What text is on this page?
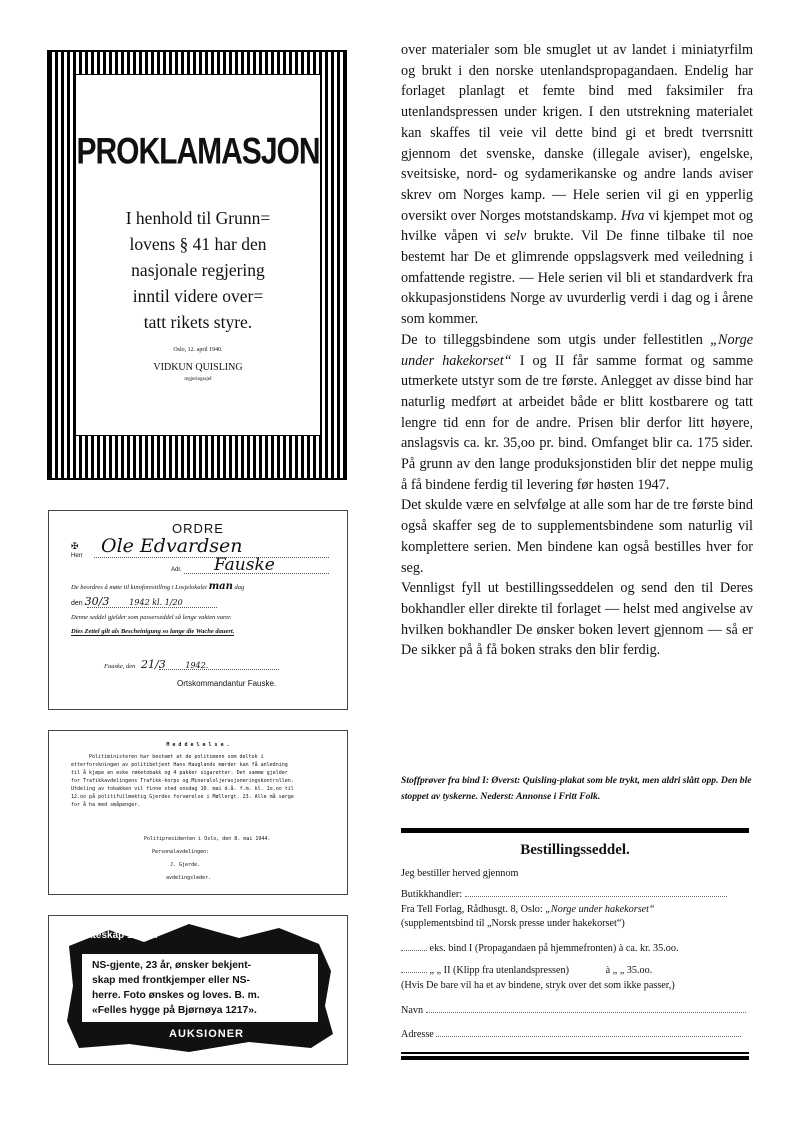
PROKLAMASJON
I henhold til Grunn=
lovens § 41 har den
nasjonale regjering
inntil videre over=
tatt rikets styre.
Oslo, 12. april 1940.
VIDKUN QUISLING
regjeringssjef
ORDRE
✠
Herr Ole Edvardsen
Adr. Fauske
De beordres å møte til kinoforestilling i Losjelokalet man dag
den 30/3 1942 kl. 1/20
Denne seddel gjelder som passerseddel så lenge vakten varer.
Dies Zettel gilt als Bescheinigung so lange die Wache dauert.
Fauske, den 21/3 1942.
Ortskommandantur Fauske.
M e d d e l e l s e .
Politiministeren har bestemt at de politimenn som deltok i
etterforskningen av politibetjent Hans Hauglands mørder kan få anledning
til å kjøpe en eske røketobakk og 4 pakker sigaretter. Det samme gjelder
for Trafikkavdelingens Trafikk-korps og Mineraloljerasjoneringskontrollen.
Utdeling av tobakken vil finne sted onsdag 10. mai d.å. f.m. kl. 1o,oo til
12.oo på politifullmektig Gjerdes forværelse i Møllergt. 23. Alle må sørge
for å ha med småpenger.
Politipresidenten i Oslo, den 8. mai 1944.
Personalavdelingen:
J. Gjerde.
avdelingsleder.
kteskap 1216».
NS-gjente, 23 år, ønsker bekjent-
skap med frontkjemper eller NS-
herre. Foto ønskes og loves. B. m.
«Felles hygge på Bjørnøya 1217».
AUKSIONER

over materialer som ble smuglet ut av landet i miniatyrfilm og brukt i den norske utenlandspropagandaen. Endelig har forlaget planlagt et femte bind med faksimiler fra utenlandspressen under krigen. I den utstrekning materialet kan skaffes til veie vil dette bind gi et bredt tverrsnitt gjennom det svenske, danske (illegale aviser), engelske, sveitsiske, nord- og sydamerikanske og andre lands aviser skrev om Norges kamp. — Hele serien vil gi en ypperlig oversikt over Norges motstandskamp. Hva vi kjempet mot og hvilke våpen vi selv brukte. Vil De finne tilbake til noe bestemt har De et glimrende oppslagsverk med veiledning i omfattende registre. — Hele serien vil bli et standardverk fra okkupasjonstidens Norge av uvurderlig verdi i dag og i årene som kommer.

De to tilleggsbindene som utgis under fellestitlen „Norge under hakekorset“ I og II får samme format og samme utmerkete utstyr som de tre første. Anlegget av disse bind har naturlig medført at arbeidet både er blitt kostbarere og tatt lengre tid enn for de andre. Prisen blir derfor litt høyere, anslagsvis ca. kr. 35,oo pr. bind. Omfanget blir ca. 175 sider. På grunn av den lange produksjonstiden blir det neppe mulig å få bindene ferdig til levering før høsten 1947.

Det skulde være en selvfølge at alle som har de tre første bind også skaffer seg de to supplementsbindene som naturlig vil komplettere serien. Men bindene kan også bestilles hver for seg.

Vennligst fyll ut bestillingsseddelen og send den til Deres bokhandler eller direkte til forlaget — helst med angivelse av hvilken bokhandler De ønsker boken levert gjennom — så er De sikker på å få boken straks den blir ferdig.

Stoffprøver fra bind I: Øverst: Quisling-plakat som ble trykt, men aldri slått opp. Den ble stoppet av tyskerne. Nederst: Annonse i Fritt Folk.
Bestillingsseddel.
Jeg bestiller herved gjennom
Butikkhandler:
Fra Tell Forlag, Rådhusgt. 8, Oslo: „Norge under hakekorset“
(supplementsbind til „Norsk presse under hakekorset“)
eks. bind I (Propagandaen på hjemmefronten) à ca. kr. 35.oo.
„ „ II (Klipp fra utenlandspressen)	à „ „ 35.oo.
(Hvis De bare vil ha et av bindene, stryk over det som ikke passer,)
Navn
Adresse
